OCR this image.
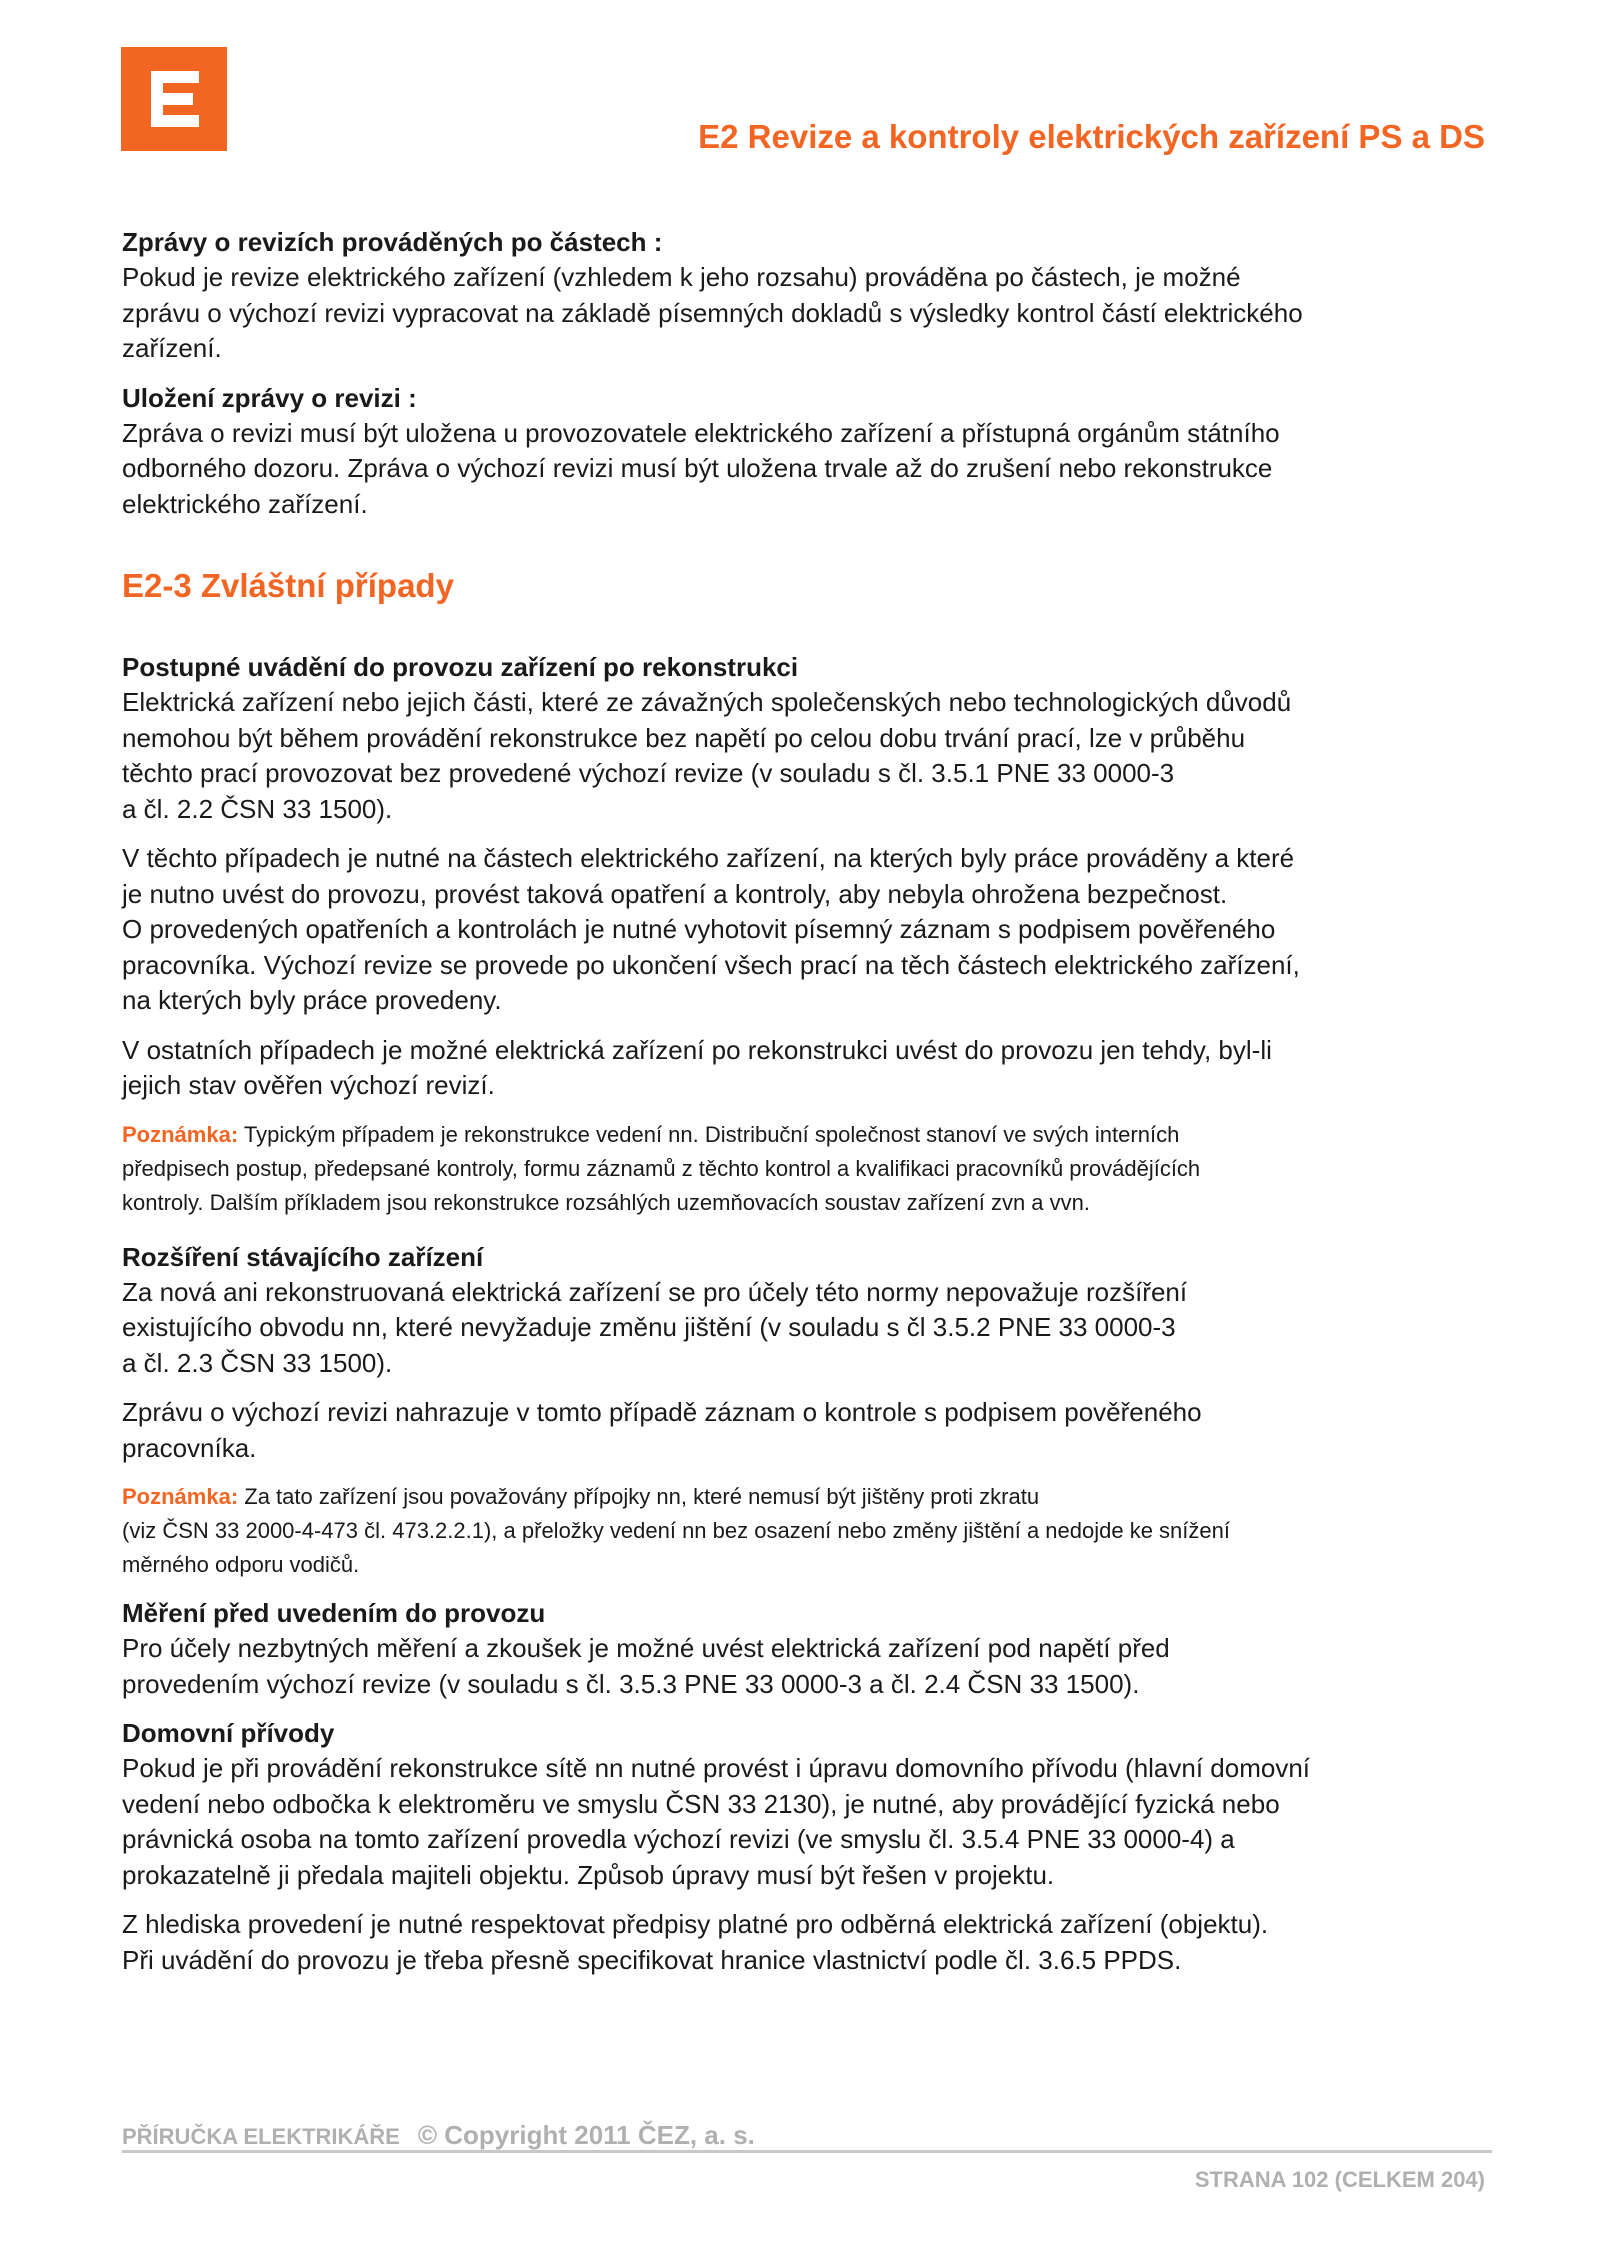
E2 Revize a kontroly elektrických zařízení PS a DS

Zprávy o revizích prováděných po částech :

Pokud je revize elektrického zařízení (vzhledem k jeho rozsahu) prováděna po částech, je možné

zprávu o výchozí revizi vypracovat na základě písemných dokladů s výsledky kontrol částí elektrického

zařízení.

Uložení zprávy o revizi :

Zpráva o revizi musí být uložena u provozovatele elektrického zařízení a přístupná orgánům státního

odborného dozoru. Zpráva o výchozí revizi musí být uložena trvale až do zrušení nebo rekonstrukce

elektrického zařízení.

E2-3 Zvláštní případy

Postupné uvádění do provozu zařízení po rekonstrukci

Elektrická zařízení nebo jejich části, které ze závažných společenských nebo technologických důvodů

nemohou být během provádění rekonstrukce bez napětí po celou dobu trvání prací, lze v průběhu

těchto prací provozovat bez provedené výchozí revize (v souladu s čl. 3.5.1 PNE 33 0000-3

a čl. 2.2 ČSN 33 1500).

V těchto případech je nutné na částech elektrického zařízení, na kterých byly práce prováděny a které

je nutno uvést do provozu, provést taková opatření a kontroly, aby nebyla ohrožena bezpečnost.

O provedených opatřeních a kontrolách je nutné vyhotovit písemný záznam s podpisem pověřeného

pracovníka. Výchozí revize se provede po ukončení všech prací na těch částech elektrického zařízení,

na kterých byly práce provedeny.

V ostatních případech je možné elektrická zařízení po rekonstrukci uvést do provozu jen tehdy, byl-li

jejich stav ověřen výchozí revizí.

Poznámka: Typickým případem je rekonstrukce vedení nn. Distribuční společnost stanoví ve svých interních

předpisech postup, předepsané kontroly, formu záznamů z těchto kontrol a kvalifikaci pracovníků provádějících

kontroly. Dalším příkladem jsou rekonstrukce rozsáhlých uzemňovacích soustav zařízení zvn a vvn.

Rozšíření stávajícího zařízení

Za nová ani rekonstruovaná elektrická zařízení se pro účely této normy nepovažuje rozšíření

existujícího obvodu nn, které nevyžaduje změnu jištění (v souladu s čl 3.5.2 PNE 33 0000-3

a čl. 2.3 ČSN 33 1500).

Zprávu o výchozí revizi nahrazuje v tomto případě záznam o kontrole s podpisem pověřeného

pracovníka.

Poznámka: Za tato zařízení jsou považovány přípojky nn, které nemusí být jištěny proti zkratu

(viz ČSN 33 2000-4-473 čl. 473.2.2.1), a přeložky vedení nn bez osazení nebo změny jištění a nedojde ke snížení

měrného odporu vodičů.

Měření před uvedením do provozu

Pro účely nezbytných měření a zkoušek je možné uvést elektrická zařízení pod napětí před

provedením výchozí revize (v souladu s čl. 3.5.3 PNE 33 0000-3 a čl. 2.4 ČSN 33 1500).

Domovní přívody

Pokud je při provádění rekonstrukce sítě nn nutné provést i úpravu domovního přívodu (hlavní domovní

vedení nebo odbočka k elektroměru ve smyslu ČSN 33 2130), je nutné, aby provádějící fyzická nebo

právnická osoba na tomto zařízení provedla výchozí revizi (ve smyslu čl. 3.5.4 PNE 33 0000-4) a

prokazatelně ji předala majiteli objektu. Způsob úpravy musí být řešen v projektu.

Z hlediska provedení je nutné respektovat předpisy platné pro odběrná elektrická zařízení (objektu).

Při uvádění do provozu je třeba přesně specifikovat hranice vlastnictví podle čl. 3.6.5 PPDS.

PŘÍRUČKA ELEKTRIKÁŘE © Copyright 2011 ČEZ, a. s.
STRANA 102 (CELKEM 204)
